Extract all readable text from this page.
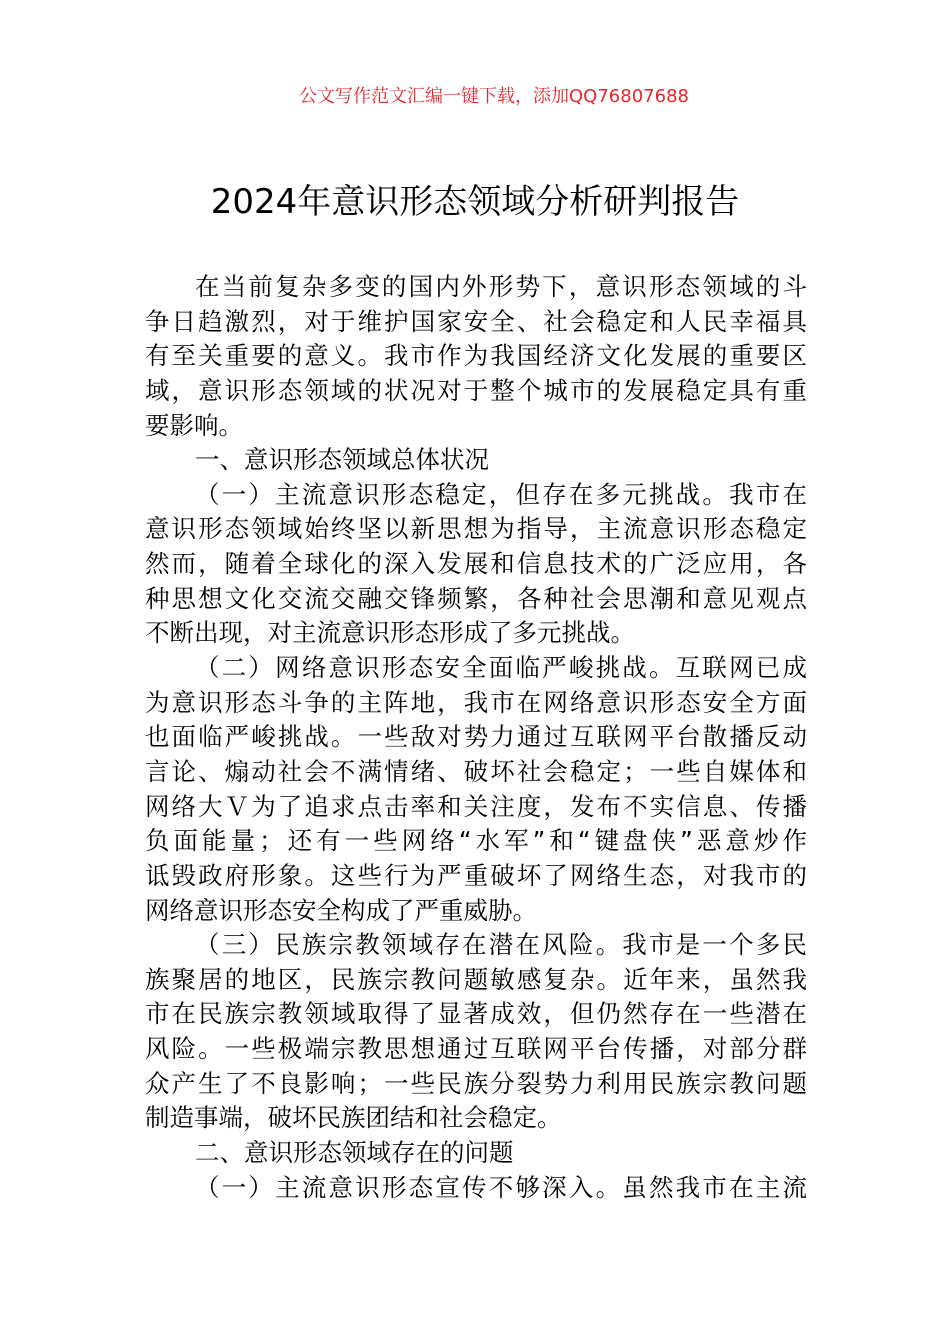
公文写作范文汇编一键下载，添加QQ76807688
2024年意识形态领域分析研判报告
在当前复杂多变的国内外形势下，意识形态领域的斗
争日趋激烈，对于维护国家安全、社会稳定和人民幸福具
有至关重要的意义。我市作为我国经济文化发展的重要区
域，意识形态领域的状况对于整个城市的发展稳定具有重
要影响。
一、意识形态领域总体状况
（一）主流意识形态稳定，但存在多元挑战。我市在
意识形态领域始终坚以新思想为指导，主流意识形态稳定
然而，随着全球化的深入发展和信息技术的广泛应用，各
种思想文化交流交融交锋频繁，各种社会思潮和意见观点
不断出现，对主流意识形态形成了多元挑战。
（二）网络意识形态安全面临严峻挑战。互联网已成
为意识形态斗争的主阵地，我市在网络意识形态安全方面
也面临严峻挑战。一些敌对势力通过互联网平台散播反动
言论、煽动社会不满情绪、破坏社会稳定；一些自媒体和
网络大Ｖ为了追求点击率和关注度，发布不实信息、传播
负面能量；还有一些网络“水军”和“键盘侠”恶意炒作
诋毁政府形象。这些行为严重破坏了网络生态，对我市的
网络意识形态安全构成了严重威胁。
（三）民族宗教领域存在潜在风险。我市是一个多民
族聚居的地区，民族宗教问题敏感复杂。近年来，虽然我
市在民族宗教领域取得了显著成效，但仍然存在一些潜在
风险。一些极端宗教思想通过互联网平台传播，对部分群
众产生了不良影响；一些民族分裂势力利用民族宗教问题
制造事端，破坏民族团结和社会稳定。
二、意识形态领域存在的问题
（一）主流意识形态宣传不够深入。虽然我市在主流
